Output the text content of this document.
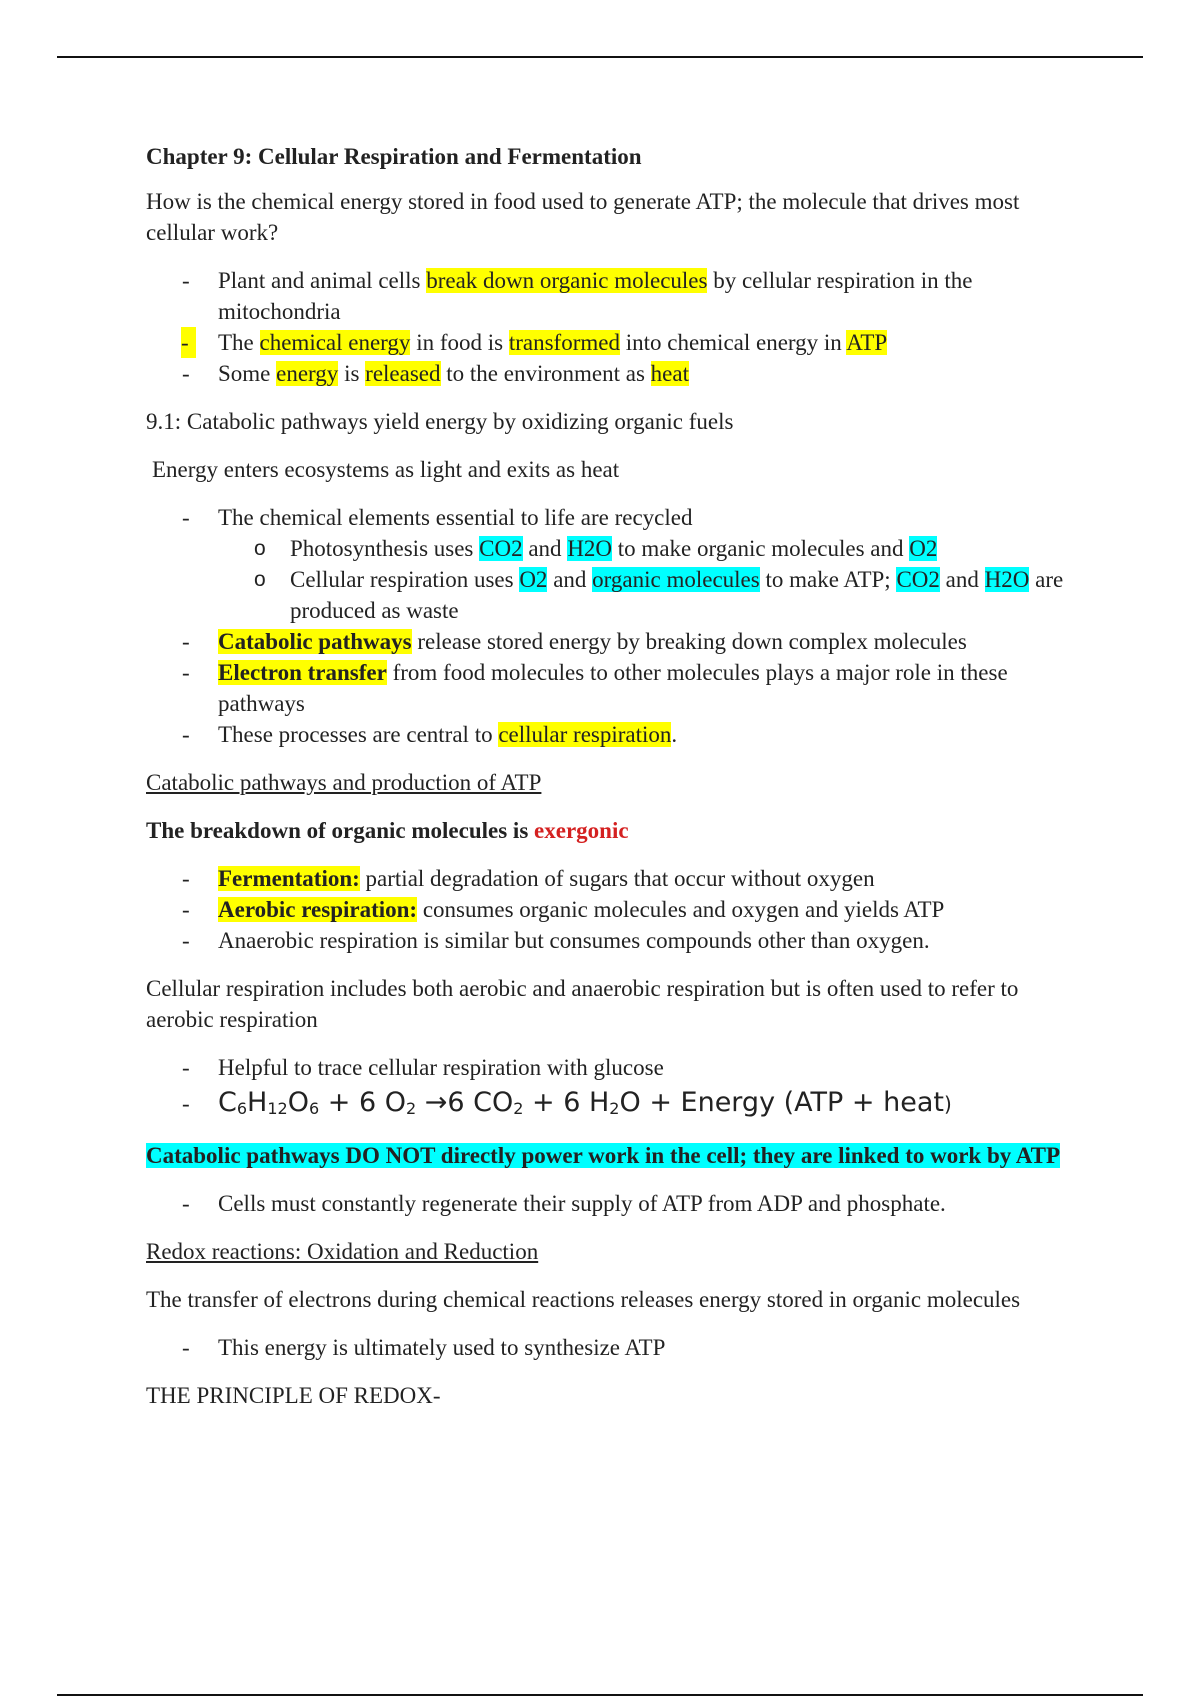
Chapter 9: Cellular Respiration and Fermentation

How is the chemical energy stored in food used to generate ATP; the molecule that drives most cellular work?

- Plant and animal cells break down organic molecules by cellular respiration in the mitochondria
-	The chemical energy in food is transformed into chemical energy in ATP
- Some energy is released to the environment as heat

9.1: Catabolic pathways yield energy by oxidizing organic fuels

Energy enters ecosystems as light and exits as heat

- The chemical elements essential to life are recycled
o Photosynthesis uses CO2 and H2O to make organic molecules and O2
o Cellular respiration uses O2 and organic molecules to make ATP; CO2 and H2O are produced as waste
- Catabolic pathways release stored energy by breaking down complex molecules
- Electron transfer from food molecules to other molecules plays a major role in these pathways
- These processes are central to cellular respiration.

Catabolic pathways and production of ATP

The breakdown of organic molecules is exergonic

- Fermentation: partial degradation of sugars that occur without oxygen
- Aerobic respiration: consumes organic molecules and oxygen and yields ATP
- Anaerobic respiration is similar but consumes compounds other than oxygen.

Cellular respiration includes both aerobic and anaerobic respiration but is often used to refer to aerobic respiration

- Helpful to trace cellular respiration with glucose
- $C_6H_{12}O_6 + 6$ $O_2 \to 6$ $CO_2 + 6$ $H_2O$ + Energy (ATP + heat)

Catabolic pathways DO NOT directly power work in the cell; they are linked to work by ATP

- Cells must constantly regenerate their supply of ATP from ADP and phosphate.

Redox reactions: Oxidation and Reduction

The transfer of electrons during chemical reactions releases energy stored in organic molecules

- This energy is ultimately used to synthesize ATP

THE PRINCIPLE OF REDOX-
